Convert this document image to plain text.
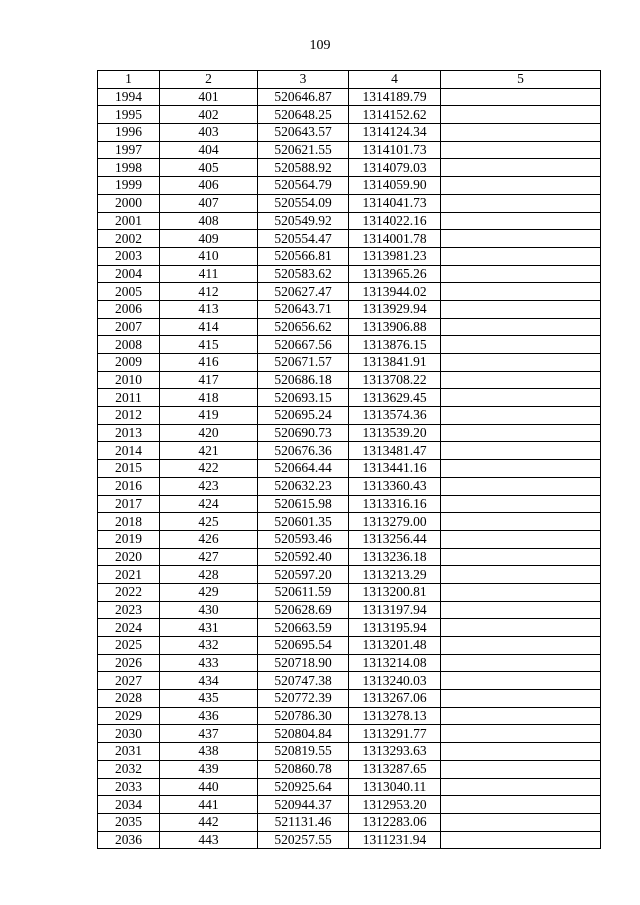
109
1	2	3	4	5
1994	401	520646.87	1314189.79	
1995	402	520648.25	1314152.62	
1996	403	520643.57	1314124.34	
1997	404	520621.55	1314101.73	
1998	405	520588.92	1314079.03	
1999	406	520564.79	1314059.90	
2000	407	520554.09	1314041.73	
2001	408	520549.92	1314022.16	
2002	409	520554.47	1314001.78	
2003	410	520566.81	1313981.23	
2004	411	520583.62	1313965.26	
2005	412	520627.47	1313944.02	
2006	413	520643.71	1313929.94	
2007	414	520656.62	1313906.88	
2008	415	520667.56	1313876.15	
2009	416	520671.57	1313841.91	
2010	417	520686.18	1313708.22	
2011	418	520693.15	1313629.45	
2012	419	520695.24	1313574.36	
2013	420	520690.73	1313539.20	
2014	421	520676.36	1313481.47	
2015	422	520664.44	1313441.16	
2016	423	520632.23	1313360.43	
2017	424	520615.98	1313316.16	
2018	425	520601.35	1313279.00	
2019	426	520593.46	1313256.44	
2020	427	520592.40	1313236.18	
2021	428	520597.20	1313213.29	
2022	429	520611.59	1313200.81	
2023	430	520628.69	1313197.94	
2024	431	520663.59	1313195.94	
2025	432	520695.54	1313201.48	
2026	433	520718.90	1313214.08	
2027	434	520747.38	1313240.03	
2028	435	520772.39	1313267.06	
2029	436	520786.30	1313278.13	
2030	437	520804.84	1313291.77	
2031	438	520819.55	1313293.63	
2032	439	520860.78	1313287.65	
2033	440	520925.64	1313040.11	
2034	441	520944.37	1312953.20	
2035	442	521131.46	1312283.06	
2036	443	520257.55	1311231.94	
